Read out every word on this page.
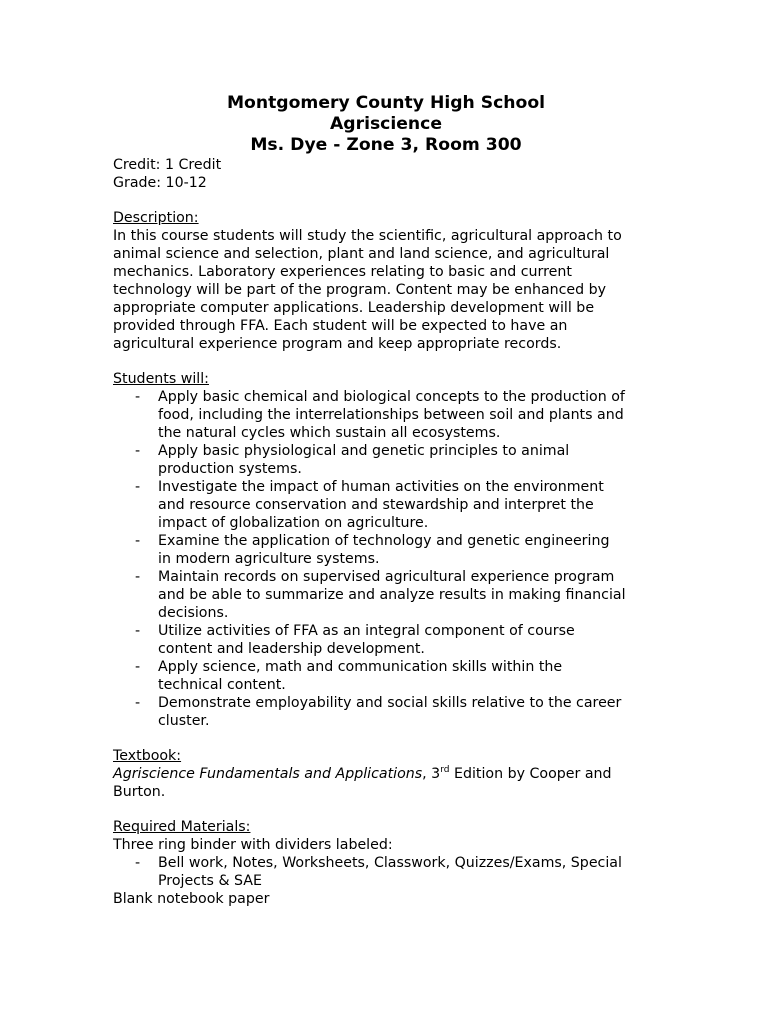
Montgomery County High School
Agriscience
Ms. Dye - Zone 3, Room 300
Credit: 1 Credit
Grade: 10-12
Description:
In this course students will study the scientific, agricultural approach to
animal science and selection, plant and land science, and agricultural
mechanics. Laboratory experiences relating to basic and current
technology will be part of the program. Content may be enhanced by
appropriate computer applications. Leadership development will be
provided through FFA. Each student will be expected to have an
agricultural experience program and keep appropriate records.
Students will:
- Apply basic chemical and biological concepts to the production of
food, including the interrelationships between soil and plants and
the natural cycles which sustain all ecosystems.
- Apply basic physiological and genetic principles to animal
production systems.
- Investigate the impact of human activities on the environment
and resource conservation and stewardship and interpret the
impact of globalization on agriculture.
- Examine the application of technology and genetic engineering
in modern agriculture systems.
- Maintain records on supervised agricultural experience program
and be able to summarize and analyze results in making financial
decisions.
- Utilize activities of FFA as an integral component of course
content and leadership development.
- Apply science, math and communication skills within the
technical content.
- Demonstrate employability and social skills relative to the career
cluster.
Textbook:
Agriscience Fundamentals and Applications, 3rd Edition by Cooper and
Burton.
Required Materials:
Three ring binder with dividers labeled:
- Bell work, Notes, Worksheets, Classwork, Quizzes/Exams, Special
Projects & SAE
Blank notebook paper
